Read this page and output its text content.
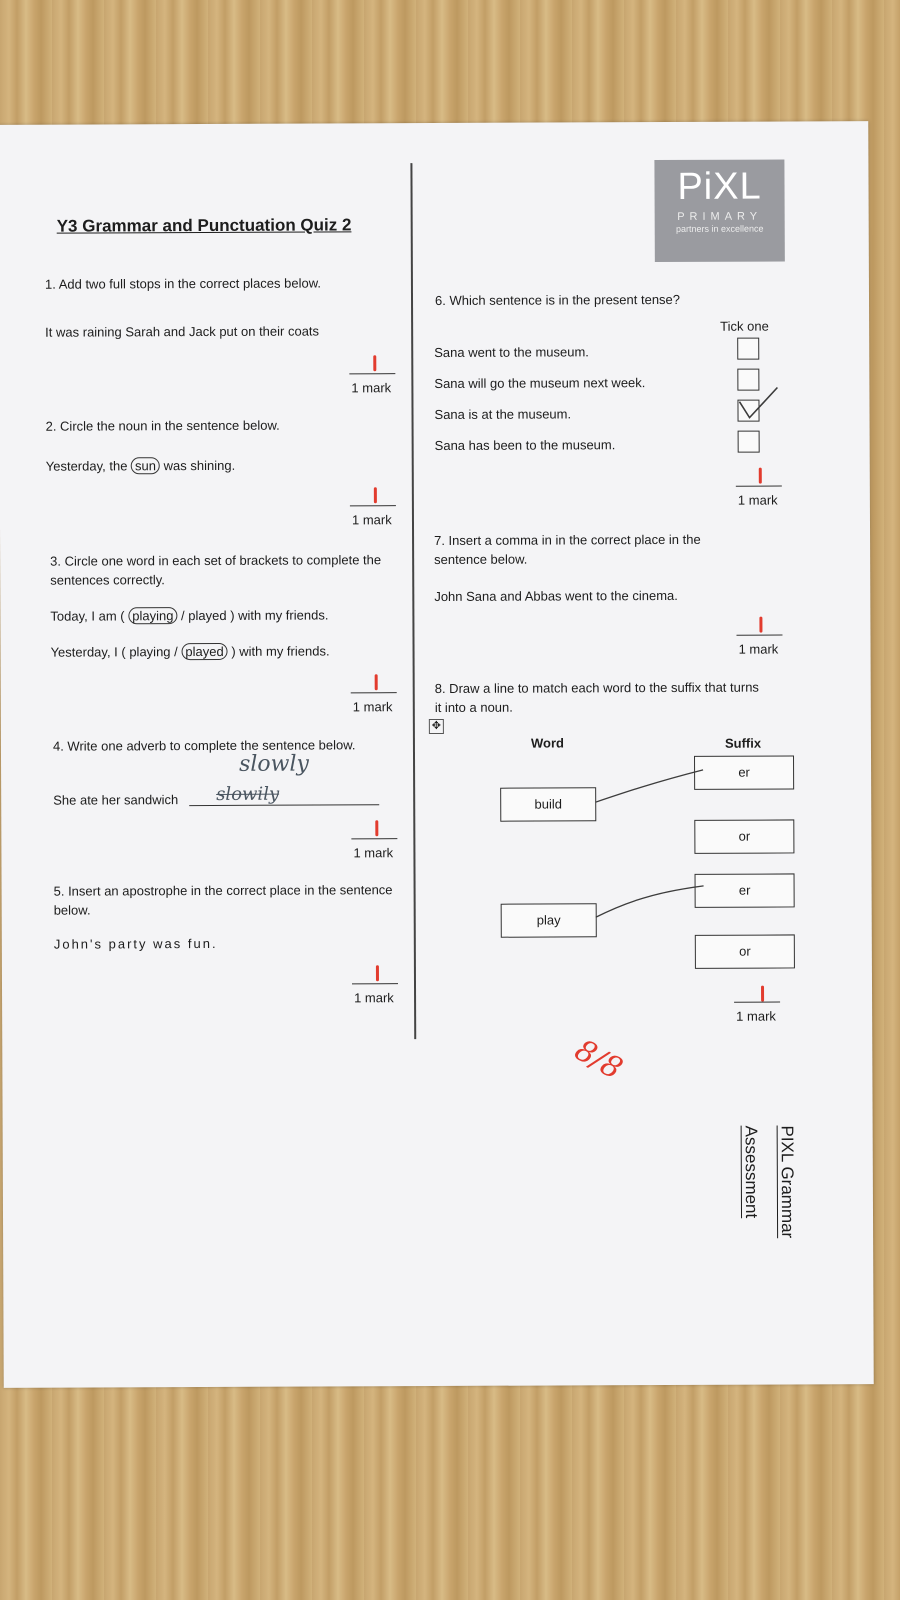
Y3 Grammar and Punctuation Quiz 2
PiXL
PRIMARY
partners in excellence
1. Add two full stops in the correct places below.
It was raining Sarah and Jack put on their coats
1 mark
2. Circle the noun in the sentence below.
Yesterday, the sun was shining.
1 mark
3. Circle one word in each set of brackets to complete the sentences correctly.
Today, I am ( playing / played ) with my friends.
Yesterday, I ( playing / played ) with my friends.
1 mark
4. Write one adverb to complete the sentence below.
slowly
She ate her sandwich slowily
1 mark
5. Insert an apostrophe in the correct place in the sentence below.
John's party was fun.
1 mark
6. Which sentence is in the present tense?
Tick one
Sana went to the museum.
Sana will go the museum next week.
Sana is at the museum.
Sana has been to the museum.
1 mark
7. Insert a comma in in the correct place in the sentence below.
John Sana and Abbas went to the cinema.
1 mark
8. Draw a line to match each word to the suffix that turns it into a noun.
✥
Word	Suffix
build
play
er
or
er
or
1 mark
8/8
PIXL Grammar
Assessment
